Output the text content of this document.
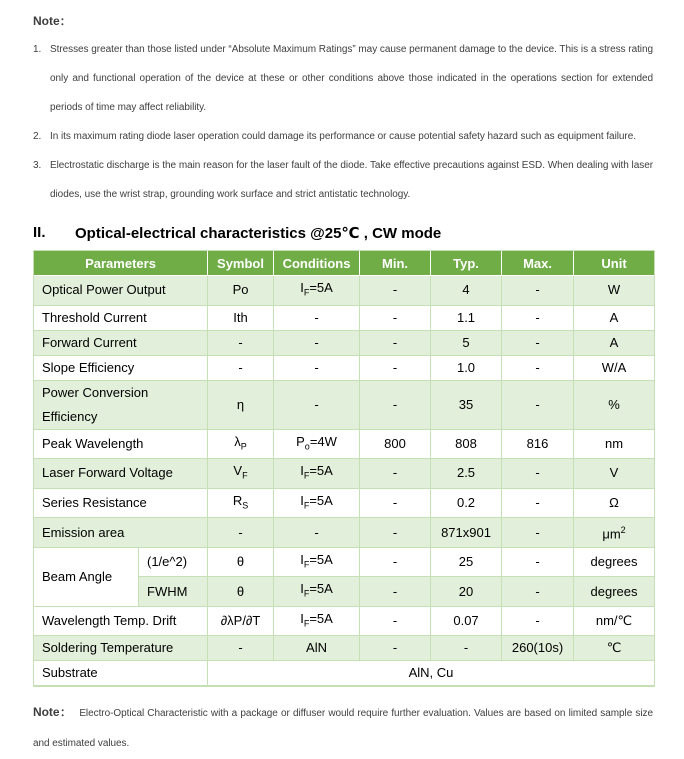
Note：
1. Stresses greater than those listed under “Absolute Maximum Ratings” may cause permanent damage to the device. This is a stress rating only and functional operation of the device at these or other conditions above those indicated in the operations section for extended periods of time may affect reliability.
2. In its maximum rating diode laser operation could damage its performance or cause potential safety hazard such as equipment failure.
3. Electrostatic discharge is the main reason for the laser fault of the diode. Take effective precautions against ESD. When dealing with laser diodes, use the wrist strap, grounding work surface and strict antistatic technology.
II.	Optical-electrical characteristics @25℃ , CW mode
Parameters		Symbol	Conditions	Min.	Typ.	Max.	Unit
Optical Power Output		Po	$I_F=5A$	-	4	-	W
Threshold Current		Ith	-	-	1.1	-	A
Forward Current		-	-	-	5	-	A
Slope Efficiency		-	-	-	1.0	-	W/A
Power Conversion Efficiency		η	-	-	35	-	%
Peak Wavelength		$\lambda_P$	$P_o=4W$	800	808	816	nm
Laser Forward Voltage		$V_F$	$I_F=5A$	-	2.5	-	V
Series Resistance		$R_S$	$I_F=5A$	-	0.2	-	Ω
Emission area		-	-	-	871x901	-	$\mu m^2$
Beam Angle	(1/e^2)	θ	$I_F=5A$	-	25	-	degrees
	FWHM	θ	$I_F=5A$	-	20	-	degrees
Wavelength Temp. Drift		∂λP/∂T	$I_F=5A$	-	0.07	-	nm/℃
Soldering Temperature		-	AlN	-	-	260(10s)	℃
Substrate		AlN, Cu					

Note： Electro-Optical Characteristic with a package or diffuser would require further evaluation. Values are based on limited sample size and estimated values.
